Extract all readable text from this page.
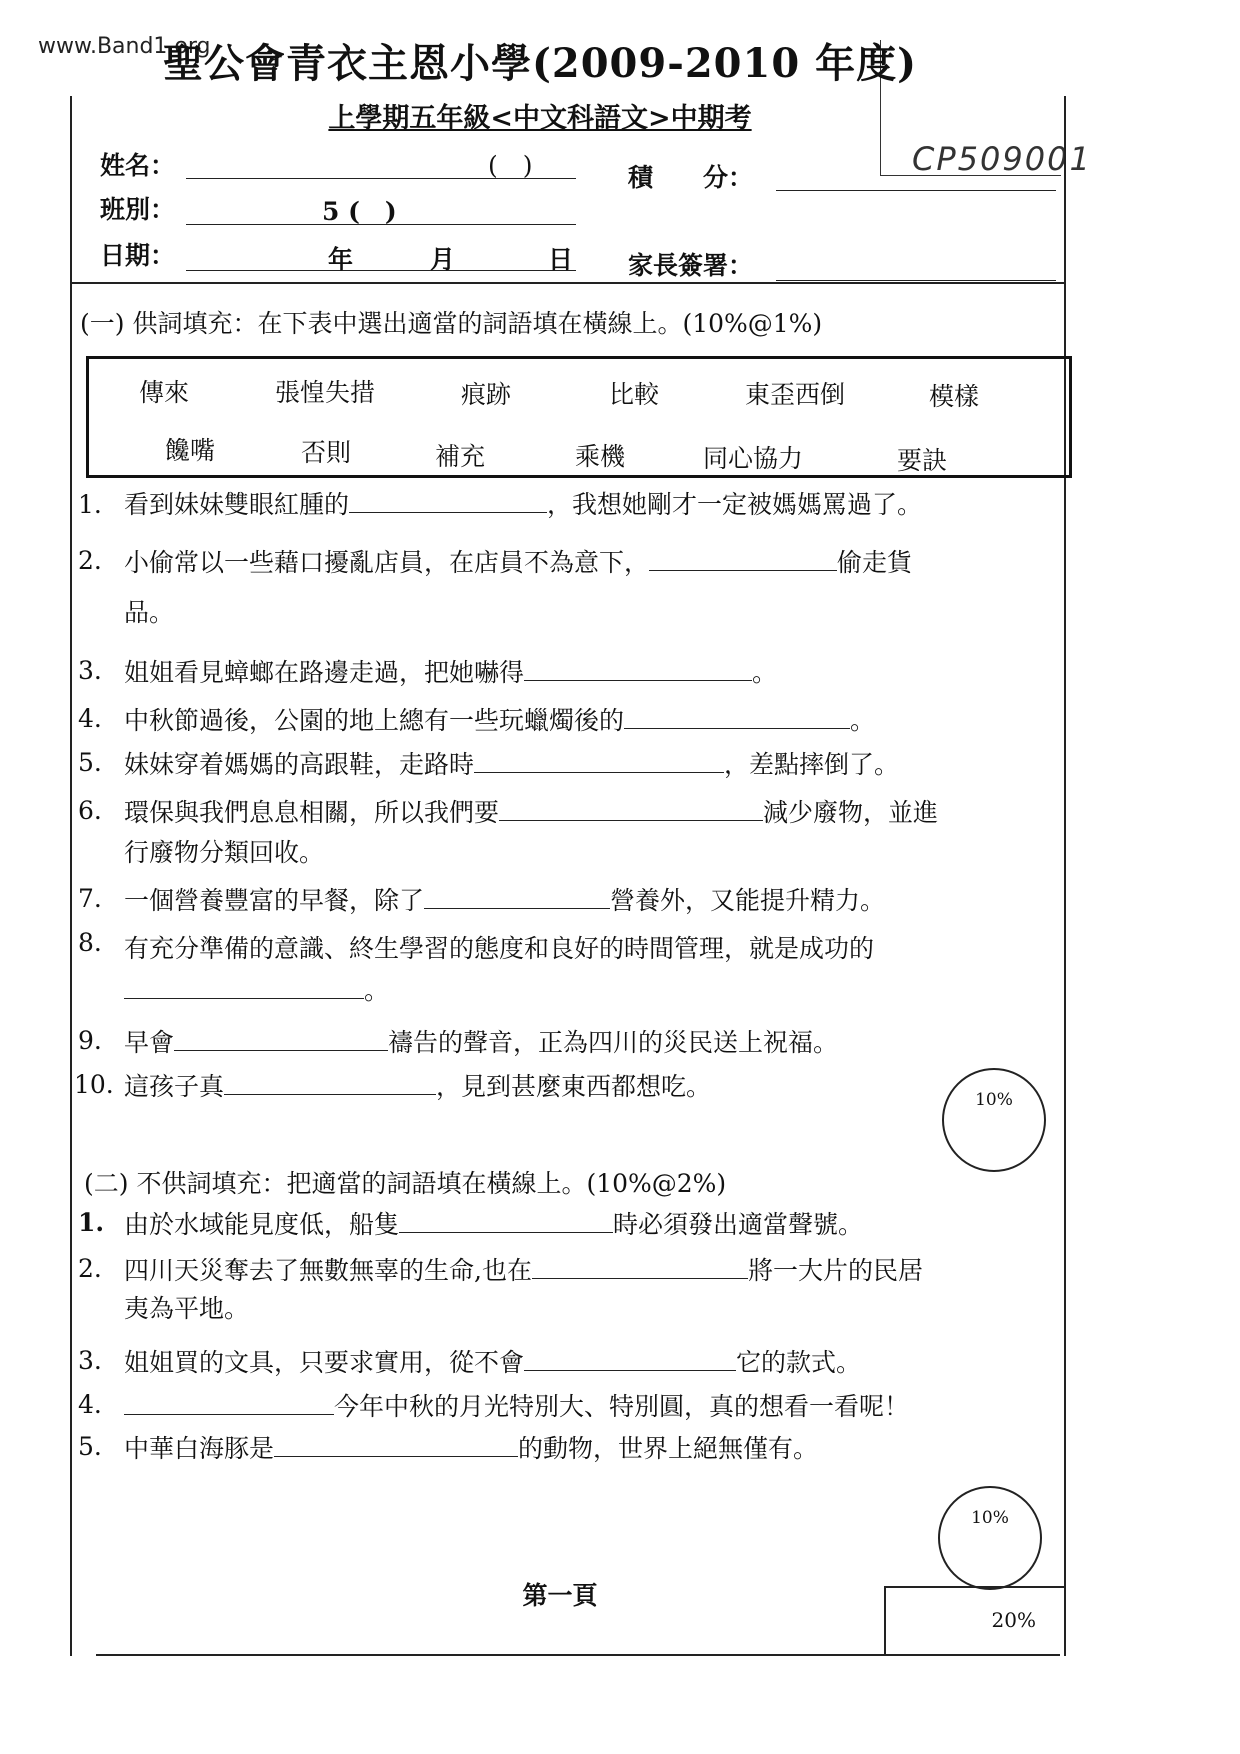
www.Band1.org
CP509001
聖公會青衣主恩小學(2009-2010 年度)
上學期五年級<中文科語文>中期考
姓名：	(　)	積　　分：
班別：	5 (　)
日期：	年	月	日 家長簽署：
(一) 供詞填充：在下表中選出適當的詞語填在橫線上。(10%@1%)
傳來	張惶失措	痕跡	比較	東歪西倒	模樣
饞嘴	否則	補充	乘機	同心協力	要訣
1. 看到妹妹雙眼紅腫的	，我想她剛才一定被媽媽罵過了。
2. 小偷常以一些藉口擾亂店員，在店員不為意下，	偷走貨
品。
3. 姐姐看見蟑螂在路邊走過，把她嚇得	。
4. 中秋節過後，公園的地上總有一些玩蠟燭後的	。
5. 妹妹穿着媽媽的高跟鞋，走路時	，差點摔倒了。
6. 環保與我們息息相關，所以我們要	減少廢物，並進
行廢物分類回收。
7. 一個營養豐富的早餐，除了	營養外，又能提升精力。
8. 有充分準備的意識、終生學習的態度和良好的時間管理，就是成功的
。
9. 早會	禱告的聲音，正為四川的災民送上祝福。
10. 這孩子真	，見到甚麼東西都想吃。	10%
(二) 不供詞填充：把適當的詞語填在橫線上。(10%@2%)
1. 由於水域能見度低，船隻	時必須發出適當聲號。
2. 四川天災奪去了無數無辜的生命,也在	將一大片的民居
夷為平地。
3. 姐姐買的文具，只要求實用，從不會	它的款式。
4.	今年中秋的月光特別大、特別圓，真的想看一看呢！
5. 中華白海豚是	的動物，世界上絕無僅有。
10%
第一頁
20%
